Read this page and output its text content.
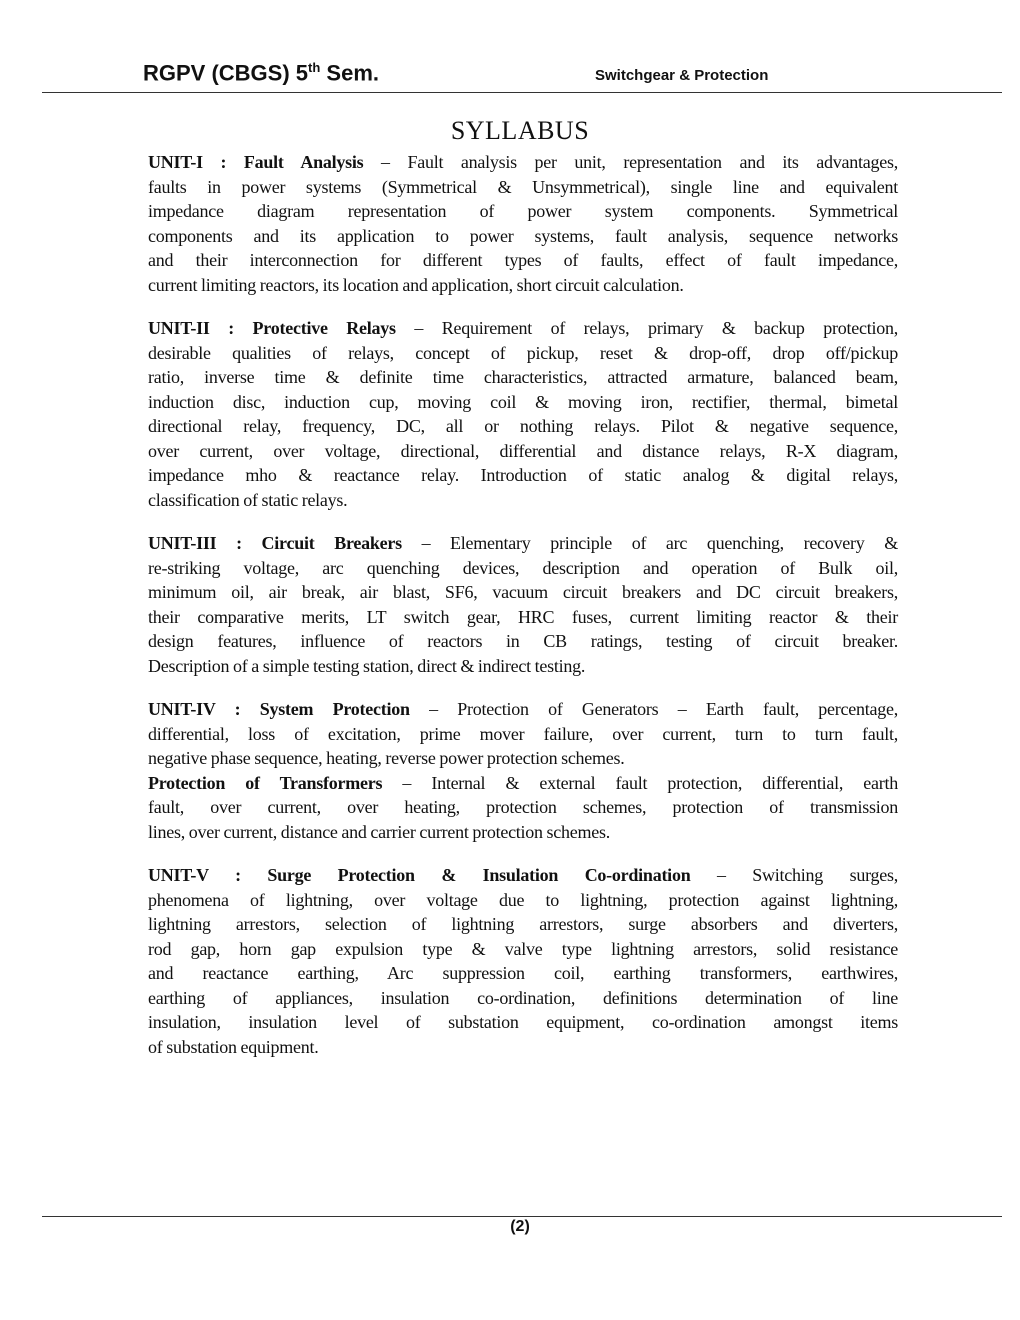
RGPV (CBGS) 5th Sem.	Switchgear & Protection
SYLLABUS
UNIT-I : Fault Analysis – Fault analysis per unit, representation and its advantages,
faults in power systems (Symmetrical & Unsymmetrical), single line and equivalent
impedance diagram representation of power system components. Symmetrical
components and its application to power systems, fault analysis, sequence networks
and their interconnection for different types of faults, effect of fault impedance,
current limiting reactors, its location and application, short circuit calculation.
UNIT-II : Protective Relays – Requirement of relays, primary & backup protection,
desirable qualities of relays, concept of pickup, reset & drop-off, drop off/pickup
ratio, inverse time & definite time characteristics, attracted armature, balanced beam,
induction disc, induction cup, moving coil & moving iron, rectifier, thermal, bimetal
directional relay, frequency, DC, all or nothing relays. Pilot & negative sequence,
over current, over voltage, directional, differential and distance relays, R-X diagram,
impedance mho & reactance relay. Introduction of static analog & digital relays,
classification of static relays.
UNIT-III : Circuit Breakers – Elementary principle of arc quenching, recovery &
re-striking voltage, arc quenching devices, description and operation of Bulk oil,
minimum oil, air break, air blast, SF6, vacuum circuit breakers and DC circuit breakers,
their comparative merits, LT switch gear, HRC fuses, current limiting reactor & their
design features, influence of reactors in CB ratings, testing of circuit breaker.
Description of a simple testing station, direct & indirect testing.
UNIT-IV : System Protection – Protection of Generators – Earth fault, percentage,
differential, loss of excitation, prime mover failure, over current, turn to turn fault,
negative phase sequence, heating, reverse power protection schemes.
Protection of Transformers – Internal & external fault protection, differential, earth
fault, over current, over heating, protection schemes, protection of transmission
lines, over current, distance and carrier current protection schemes.
UNIT-V : Surge Protection & Insulation Co-ordination – Switching surges,
phenomena of lightning, over voltage due to lightning, protection against lightning,
lightning arrestors, selection of lightning arrestors, surge absorbers and diverters,
rod gap, horn gap expulsion type & valve type lightning arrestors, solid resistance
and reactance earthing, Arc suppression coil, earthing transformers, earthwires,
earthing of appliances, insulation co-ordination, definitions determination of line
insulation, insulation level of substation equipment, co-ordination amongst items
of substation equipment.
(2)
